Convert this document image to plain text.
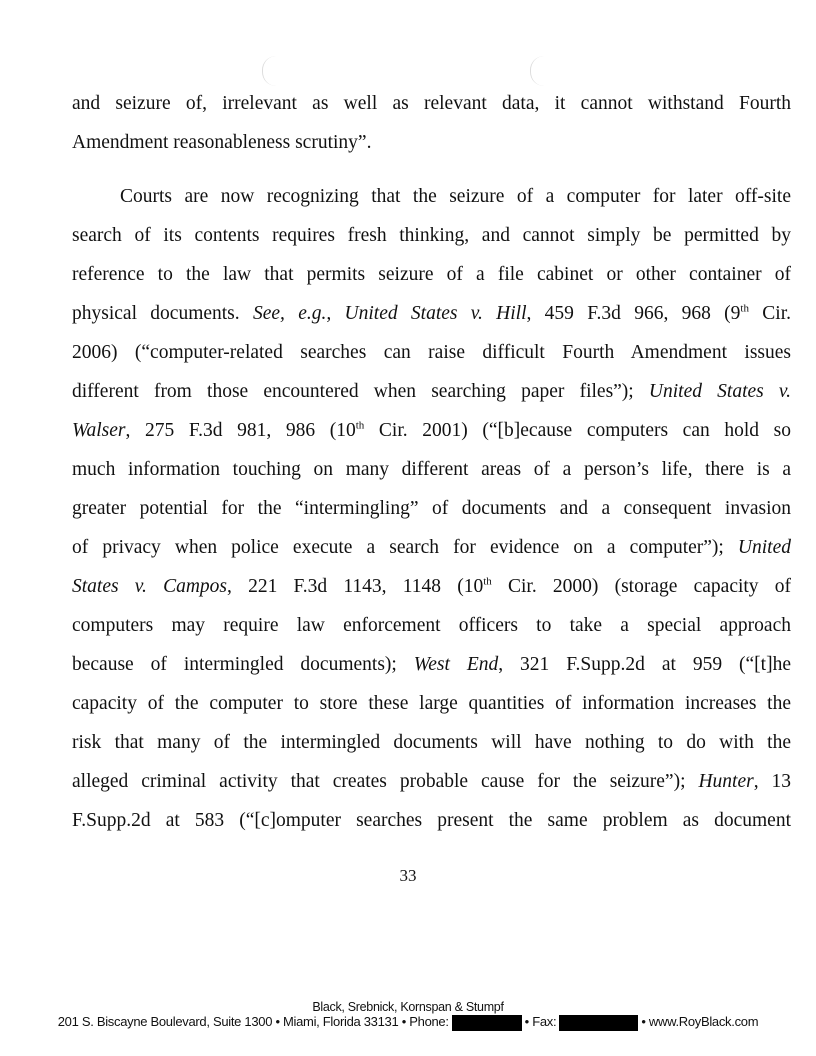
and seizure of, irrelevant as well as relevant data, it cannot withstand Fourth
Amendment reasonableness scrutiny”.
Courts are now recognizing that the seizure of a computer for later off-site
search of its contents requires fresh thinking, and cannot simply be permitted by
reference to the law that permits seizure of a file cabinet or other container of
physical documents. See, e.g., United States v. Hill, 459 F.3d 966, 968 (9th Cir.
2006) (“computer-related searches can raise difficult Fourth Amendment issues
different from those encountered when searching paper files”); United States v.
Walser, 275 F.3d 981, 986 (10th Cir. 2001) (“[b]ecause computers can hold so
much information touching on many different areas of a person’s life, there is a
greater potential for the “intermingling” of documents and a consequent invasion
of privacy when police execute a search for evidence on a computer”); United
States v. Campos, 221 F.3d 1143, 1148 (10th Cir. 2000) (storage capacity of
computers may require law enforcement officers to take a special approach
because of intermingled documents); West End, 321 F.Supp.2d at 959 (“[t]he
capacity of the computer to store these large quantities of information increases the
risk that many of the intermingled documents will have nothing to do with the
alleged criminal activity that creates probable cause for the seizure”); Hunter, 13
F.Supp.2d at 583 (“[c]omputer searches present the same problem as document
33
Black, Srebnick, Kornspan & Stumpf
201 S. Biscayne Boulevard, Suite 1300 • Miami, Florida 33131 • Phone:	• Fax:	• www.RoyBlack.com
